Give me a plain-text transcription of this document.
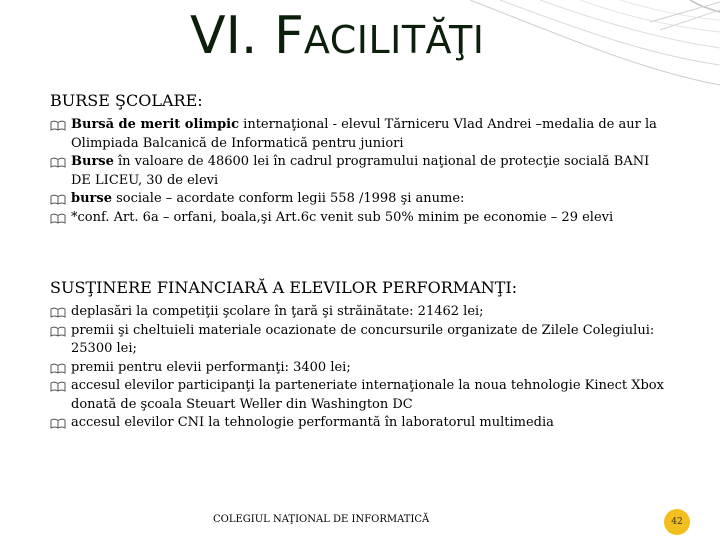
VI. FACILITĂŢI
BURSE ŞCOLARE:
Bursă de merit olimpic internaţional - elevul Tărniceru Vlad Andrei –medalia de aur la Olimpiada Balcanică de Informatică pentru juniori
Burse în valoare de 48600 lei în cadrul programului naţional de protecţie socială BANI DE LICEU, 30 de elevi
burse sociale – acordate conform legii 558 /1998 şi anume:
*conf. Art. 6a – orfani, boala,şi Art.6c venit sub 50% minim pe economie – 29 elevi
SUSŢINERE FINANCIARĂ A ELEVILOR PERFORMANŢI:
deplasări la competiţii şcolare în ţară şi străinătate: 21462 lei;
premii şi cheltuieli materiale ocazionate de concursurile organizate de Zilele Colegiului: 25300 lei;
premii pentru elevii performanţi: 3400 lei;
accesul elevilor participanţi la parteneriate internaţionale la noua tehnologie Kinect Xbox donată de şcoala Steuart Weller din Washington DC
accesul elevilor CNI la tehnologie performantă în laboratorul multimedia
COLEGIUL NAŢIONAL DE INFORMATICĂ	42
